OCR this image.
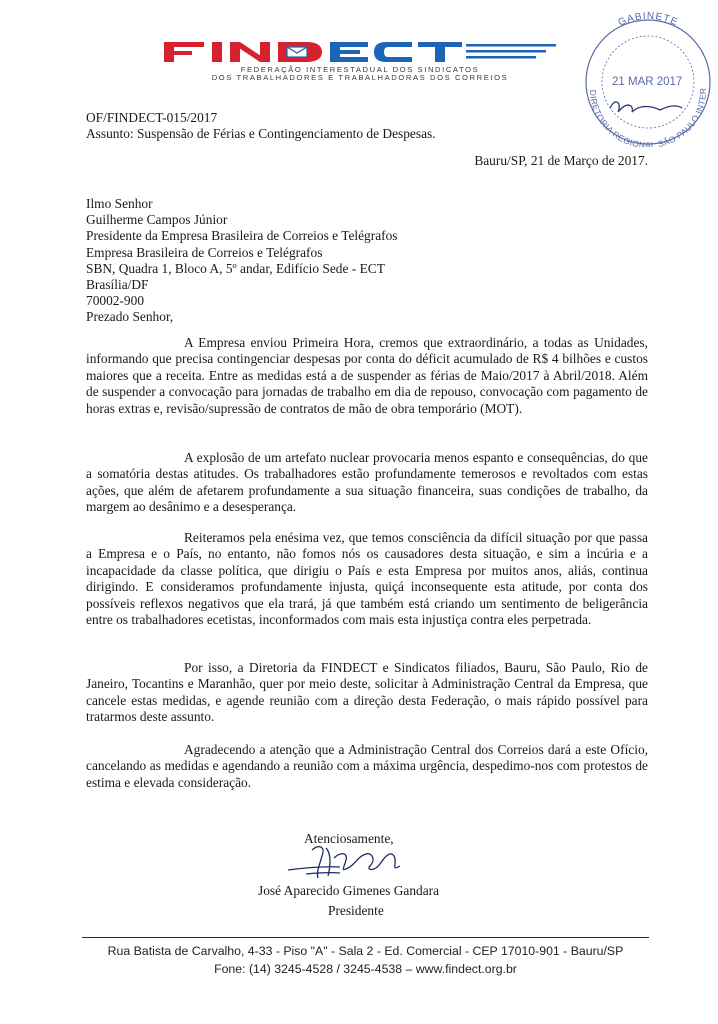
FEDERAÇÃO INTERESTADUAL DOS SINDICATOS
DOS TRABALHADORES E TRABALHADORAS DOS CORREIOS
GABINETE
21 MAR 2017
DIRETORIA REGIONAL SÃO PAULO INTER
OF/FINDECT-015/2017
Assunto: Suspensão de Férias e Contingenciamento de Despesas.
Bauru/SP, 21 de Março de 2017.
Ilmo Senhor
Guilherme Campos Júnior
Presidente da Empresa Brasileira de Correios e Telégrafos
Empresa Brasileira de Correios e Telégrafos
SBN, Quadra 1, Bloco A, 5º andar, Edifício Sede - ECT
Brasília/DF
70002-900
Prezado Senhor,
A Empresa enviou Primeira Hora, cremos que extraordinário, a todas as Unidades, informando que precisa contingenciar despesas por conta do déficit acumulado de R$ 4 bilhões e custos maiores que a receita. Entre as medidas está a de suspender as férias de Maio/2017 à Abril/2018. Além de suspender a convocação para jornadas de trabalho em dia de repouso, convocação com pagamento de horas extras e, revisão/supressão de contratos de mão de obra temporário (MOT).
A explosão de um artefato nuclear provocaria menos espanto e consequências, do que a somatória destas atitudes. Os trabalhadores estão profundamente temerosos e revoltados com estas ações, que além de afetarem profundamente a sua situação financeira, suas condições de trabalho, da margem ao desânimo e a desesperança.
Reiteramos pela enésima vez, que temos consciência da difícil situação por que passa a Empresa e o País, no entanto, não fomos nós os causadores desta situação, e sim a incúria e a incapacidade da classe política, que dirigiu o País e esta Empresa por muitos anos, aliás, continua dirigindo. E consideramos profundamente injusta, quiçá inconsequente esta atitude, por conta dos possíveis reflexos negativos que ela trará, já que também está criando um sentimento de beligerância entre os trabalhadores ecetistas, inconformados com mais esta injustiça contra eles perpetrada.
Por isso, a Diretoria da FINDECT e Sindicatos filiados, Bauru, São Paulo, Rio de Janeiro, Tocantins e Maranhão, quer por meio deste, solicitar à Administração Central da Empresa, que cancele estas medidas, e agende reunião com a direção desta Federação, o mais rápido possível para tratarmos deste assunto.
Agradecendo a atenção que a Administração Central dos Correios dará a este Ofício, cancelando as medidas e agendando a reunião com a máxima urgência, despedimo-nos com protestos de estima e elevada consideração.
Atenciosamente,
José Aparecido Gimenes Gandara
Presidente
Rua Batista de Carvalho, 4-33 - Piso "A" - Sala 2 - Ed. Comercial - CEP 17010-901 - Bauru/SP
Fone: (14) 3245-4528 / 3245-4538 – www.findect.org.br
